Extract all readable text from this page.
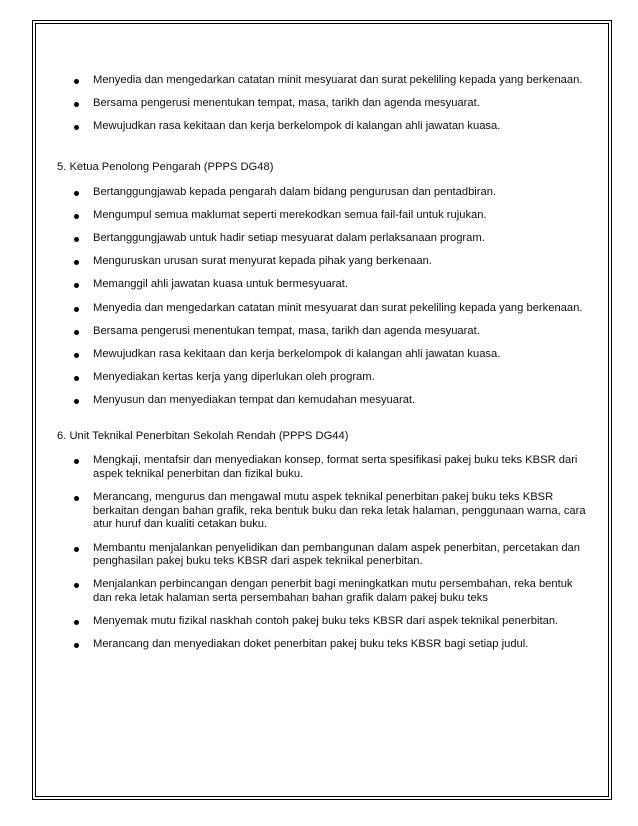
Menyedia dan mengedarkan catatan minit mesyuarat dan surat pekeliling kepada yang berkenaan.
Bersama pengerusi menentukan tempat, masa, tarikh dan agenda mesyuarat.
Mewujudkan rasa kekitaan dan kerja berkelompok di kalangan ahli jawatan kuasa.
5. Ketua Penolong Pengarah (PPPS DG48)
Bertanggungjawab kepada pengarah dalam bidang pengurusan dan pentadbiran.
Mengumpul semua maklumat seperti merekodkan semua fail-fail untuk rujukan.
Bertanggungjawab untuk hadir setiap mesyuarat dalam perlaksanaan program.
Menguruskan urusan surat menyurat kepada pihak yang berkenaan.
Memanggil ahli jawatan kuasa untuk bermesyuarat.
Menyedia dan mengedarkan catatan minit mesyuarat dan surat pekeliling kepada yang berkenaan.
Bersama pengerusi menentukan tempat, masa, tarikh dan agenda mesyuarat.
Mewujudkan rasa kekitaan dan kerja berkelompok di kalangan ahli jawatan kuasa.
Menyediakan kertas kerja yang diperlukan oleh program.
Menyusun dan menyediakan tempat dan kemudahan mesyuarat.
6. Unit Teknikal Penerbitan Sekolah Rendah (PPPS DG44)
Mengkaji, mentafsir dan menyediakan konsep, format serta spesifikasi pakej buku teks KBSR dari aspek teknikal penerbitan dan fizikal buku.
Merancang, mengurus dan mengawal mutu aspek teknikal penerbitan pakej buku teks KBSR berkaitan dengan bahan grafik, reka bentuk buku dan reka letak halaman, penggunaan warna, cara atur huruf dan kualiti cetakan buku.
Membantu menjalankan penyelidikan dan pembangunan dalam aspek penerbitan, percetakan dan penghasilan pakej buku teks KBSR dari aspek teknikal penerbitan.
Menjalankan perbincangan dengan penerbit bagi meningkatkan mutu persembahan, reka bentuk dan reka letak halaman serta persembahan bahan grafik dalam pakej buku teks
Menyemak mutu fizikal naskhah contoh pakej buku teks KBSR dari aspek teknikal penerbitan.
Merancang dan menyediakan doket penerbitan pakej buku teks KBSR bagi setiap judul.
